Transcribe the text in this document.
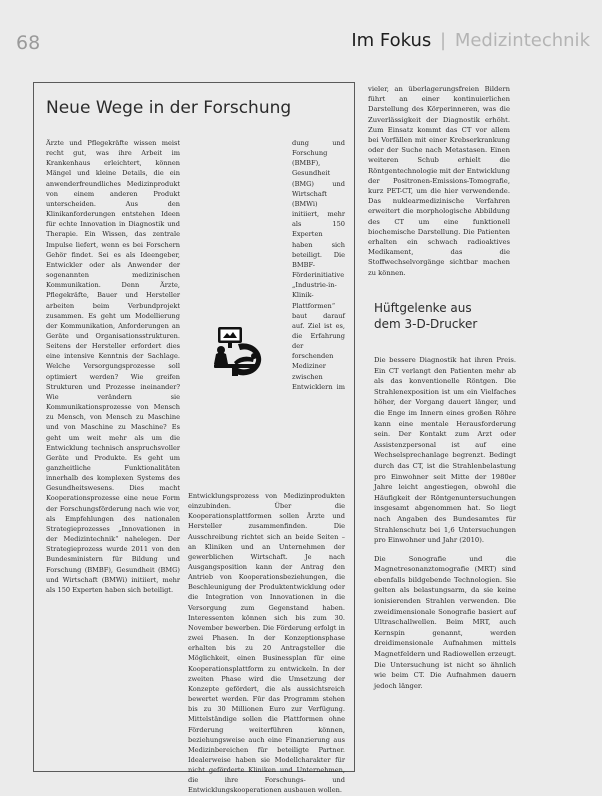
68	Im Fokus | Medizintechnik
Neue Wege in der Forschung

Ärzte und Pflegekräfte wissen meist recht gut, was ihre Arbeit im Krankenhaus erleichtert, können Mängel und kleine Details, die ein anwenderfreundliches Medizinprodukt von einem anderen Produkt unterscheiden. Aus den Klinikanforderungen entstehen Ideen für echte Innovation in Diagnostik und Therapie. Ein Wissen, das zentrale Impulse liefert, wenn es bei Forschern Gehör findet. Sei es als Ideengeber, Entwickler oder als Anwender der sogenannten medizinischen Kommunikation. Denn Ärzte, Pflegekräfte, Bauer und Hersteller arbeiten beim Verbundprojekt zusammen. Es geht um Modellierung der Kommunikation, Anforderungen an Geräte und Organisationsstrukturen. Seitens der Hersteller erfordert dies eine intensive Kenntnis der Sachlage. Welche Versorgungsprozesse soll optimiert werden? Wie greifen Strukturen und Prozesse ineinander? Wie verändern sie Kommunikationsprozesse von Mensch zu Mensch, von Mensch zu Maschine und von Maschine zu Maschine? Es geht um weit mehr als um die Entwicklung technisch anspruchsvoller Geräte und Produkte. Es geht um ganzheitliche Funktionalitäten innerhalb des komplexen Systems des Gesundheitswesens. Dies macht Kooperationsprozesse eine neue Form der Forschungsförderung nach wie vor, als Empfehlungen des nationalen Strategieprozesses „Innovationen in der Medizintechnik“ nahelegen. Der Strategieprozess wurde 2011 von den Bundesministern für Bildung und Forschung (BMBF), Gesundheit (BMG) und Wirtschaft (BMWi) initiiert, mehr als 150 Experten haben sich beteiligt.

dung und Forschung (BMBF), Gesundheit (BMG) und Wirtschaft (BMWi) initiiert, mehr als 150 Experten haben sich beteiligt. Die BMBF-Förderinitiative „Industrie-in-Klinik-Plattformen“ baut darauf auf. Ziel ist es, die Erfahrung der forschenden Mediziner zwischen Entwicklern im Entwicklungsprozess von Medizinprodukten einzubinden. Über die Kooperationsplattformen sollen Ärzte und Hersteller zusammenfinden. Die Ausschreibung richtet sich an beide Seiten – an Kliniken und an Unternehmen der gewerblichen Wirtschaft. Je nach Ausgangsposition kann der Antrag den Antrieb von Kooperationsbeziehungen, die Beschleunigung der Produktentwicklung oder die Integration von Innovationen in die Versorgung zum Gegenstand haben. Interessenten können sich bis zum 30. November bewerben. Die Förderung erfolgt in zwei Phasen. In der Konzeptionsphase erhalten bis zu 20 Antragsteller die Möglichkeit, einen Businessplan für eine Kooperationsplattform zu entwickeln. In der zweiten Phase wird die Umsetzung der Konzepte gefördert, die als aussichtsreich bewertet werden. Für das Programm stehen bis zu 30 Millionen Euro zur Verfügung. Mittelständige sollen die Plattformen ohne Förderung weiterführen können, beziehungsweise auch eine Finanzierung aus Medizinbereichen für beteiligte Partner. Idealerweise haben sie Modellcharakter für nicht geförderte Kliniken und Unternehmen, die ihre Forschungs- und Entwicklungskooperationen ausbauen wollen.

vieler, an überlagerungsfreien Bildern führt an einer kontinuierlichen Darstellung des Körperinneren, was die Zuverlässigkeit der Diagnostik erhöht. Zum Einsatz kommt das CT vor allem bei Vorfällen mit einer Krebserkrankung oder der Suche nach Metastasen. Einen weiteren Schub erhielt die Röntgentechnologie mit der Entwicklung der Positronen-Emissions-Tomografie, kurz PET-CT, um die hier verwendende. Das nuklearmedizinische Verfahren erweitert die morphologische Abbildung des CT um eine funktionell biochemische Darstellung. Die Patienten erhalten ein schwach radioaktives Medikament, das die Stoffwechselvorgänge sichtbar machen zu können.

Hüftgelenke aus
dem 3-D-Drucker

Die bessere Diagnostik hat ihren Preis. Ein CT verlangt den Patienten mehr ab als das konventionelle Röntgen. Die Strahlenexposition ist um ein Vielfaches höher, der Vorgang dauert länger, und die Enge im Innern eines großen Röhre kann eine mentale Herausforderung sein. Der Kontakt zum Arzt oder Assistenzpersonal ist auf eine Wechselsprechanlage begrenzt. Bedingt durch das CT, ist die Strahlenbelastung pro Einwohner seit Mitte der 1980er Jahre leicht angestiegen, obwohl die Häufigkeit der Röntgenuntersuchungen insgesamt abgenommen hat. So liegt nach Angaben des Bundesamtes für Strahlenschutz bei 1,6 Untersuchungen pro Einwohner und Jahr (2010).

Die Sonografie und die Magnetresonanztomografie (MRT) sind ebenfalls bildgebende Technologien. Sie gelten als belastungsarm, da sie keine ionisierenden Strahlen verwenden. Die zweidimensionale Sonografie basiert auf Ultraschallwellen. Beim MRT, auch Kernspin genannt, werden dreidimensionale Aufnahmen mittels Magnetfeldern und Radiowellen erzeugt. Die Untersuchung ist nicht so ähnlich wie beim CT. Die Aufnahmen dauern jedoch länger.
